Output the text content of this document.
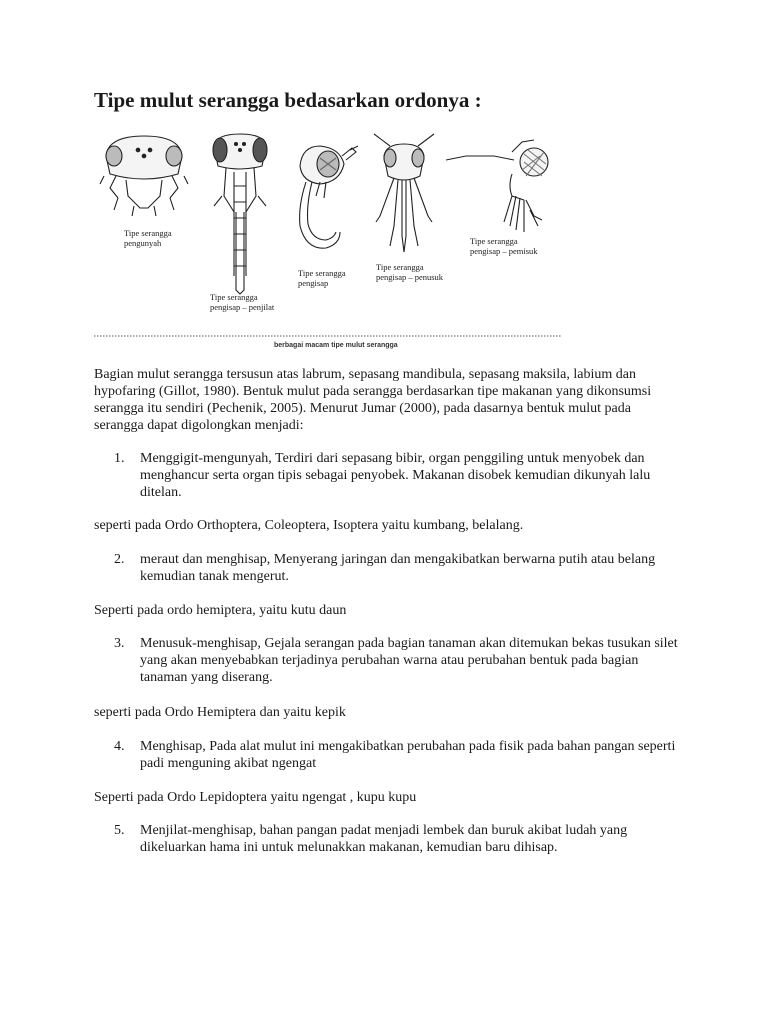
Tipe mulut serangga bedasarkan ordonya :
Tipe serangga
pengunyah
Tipe serangga
pengisap – penjilat
Tipe serangga
pengisap
Tipe serangga
pengisap – penusuk
Tipe serangga
pengisap – pemisuk
berbagai macam tipe mulut serangga
Bagian mulut serangga tersusun atas labrum, sepasang mandibula, sepasang maksila, labium dan hypofaring (Gillot, 1980). Bentuk mulut pada serangga berdasarkan tipe makanan yang dikonsumsi serangga itu sendiri (Pechenik, 2005). Menurut Jumar (2000), pada dasarnya bentuk mulut pada serangga dapat digolongkan menjadi:
1.	Menggigit-mengunyah, Terdiri dari sepasang bibir, organ penggiling untuk menyobek dan menghancur serta organ tipis sebagai penyobek. Makanan disobek kemudian dikunyah lalu ditelan.
seperti pada Ordo Orthoptera, Coleoptera, Isoptera yaitu kumbang, belalang.
2.	meraut dan menghisap, Menyerang jaringan dan mengakibatkan berwarna putih atau belang kemudian tanak mengerut.
Seperti pada ordo hemiptera, yaitu kutu daun
3.	Menusuk-menghisap, Gejala serangan pada bagian tanaman akan ditemukan bekas tusukan silet yang akan menyebabkan terjadinya perubahan warna atau perubahan bentuk pada bagian tanaman yang diserang.
seperti pada Ordo Hemiptera dan yaitu kepik
4.	Menghisap, Pada alat mulut ini mengakibatkan perubahan pada fisik pada bahan pangan seperti padi menguning akibat ngengat
Seperti pada Ordo Lepidoptera yaitu ngengat , kupu kupu
5.	Menjilat-menghisap, bahan pangan padat menjadi lembek dan buruk akibat ludah yang dikeluarkan hama ini untuk melunakkan makanan, kemudian baru dihisap.
